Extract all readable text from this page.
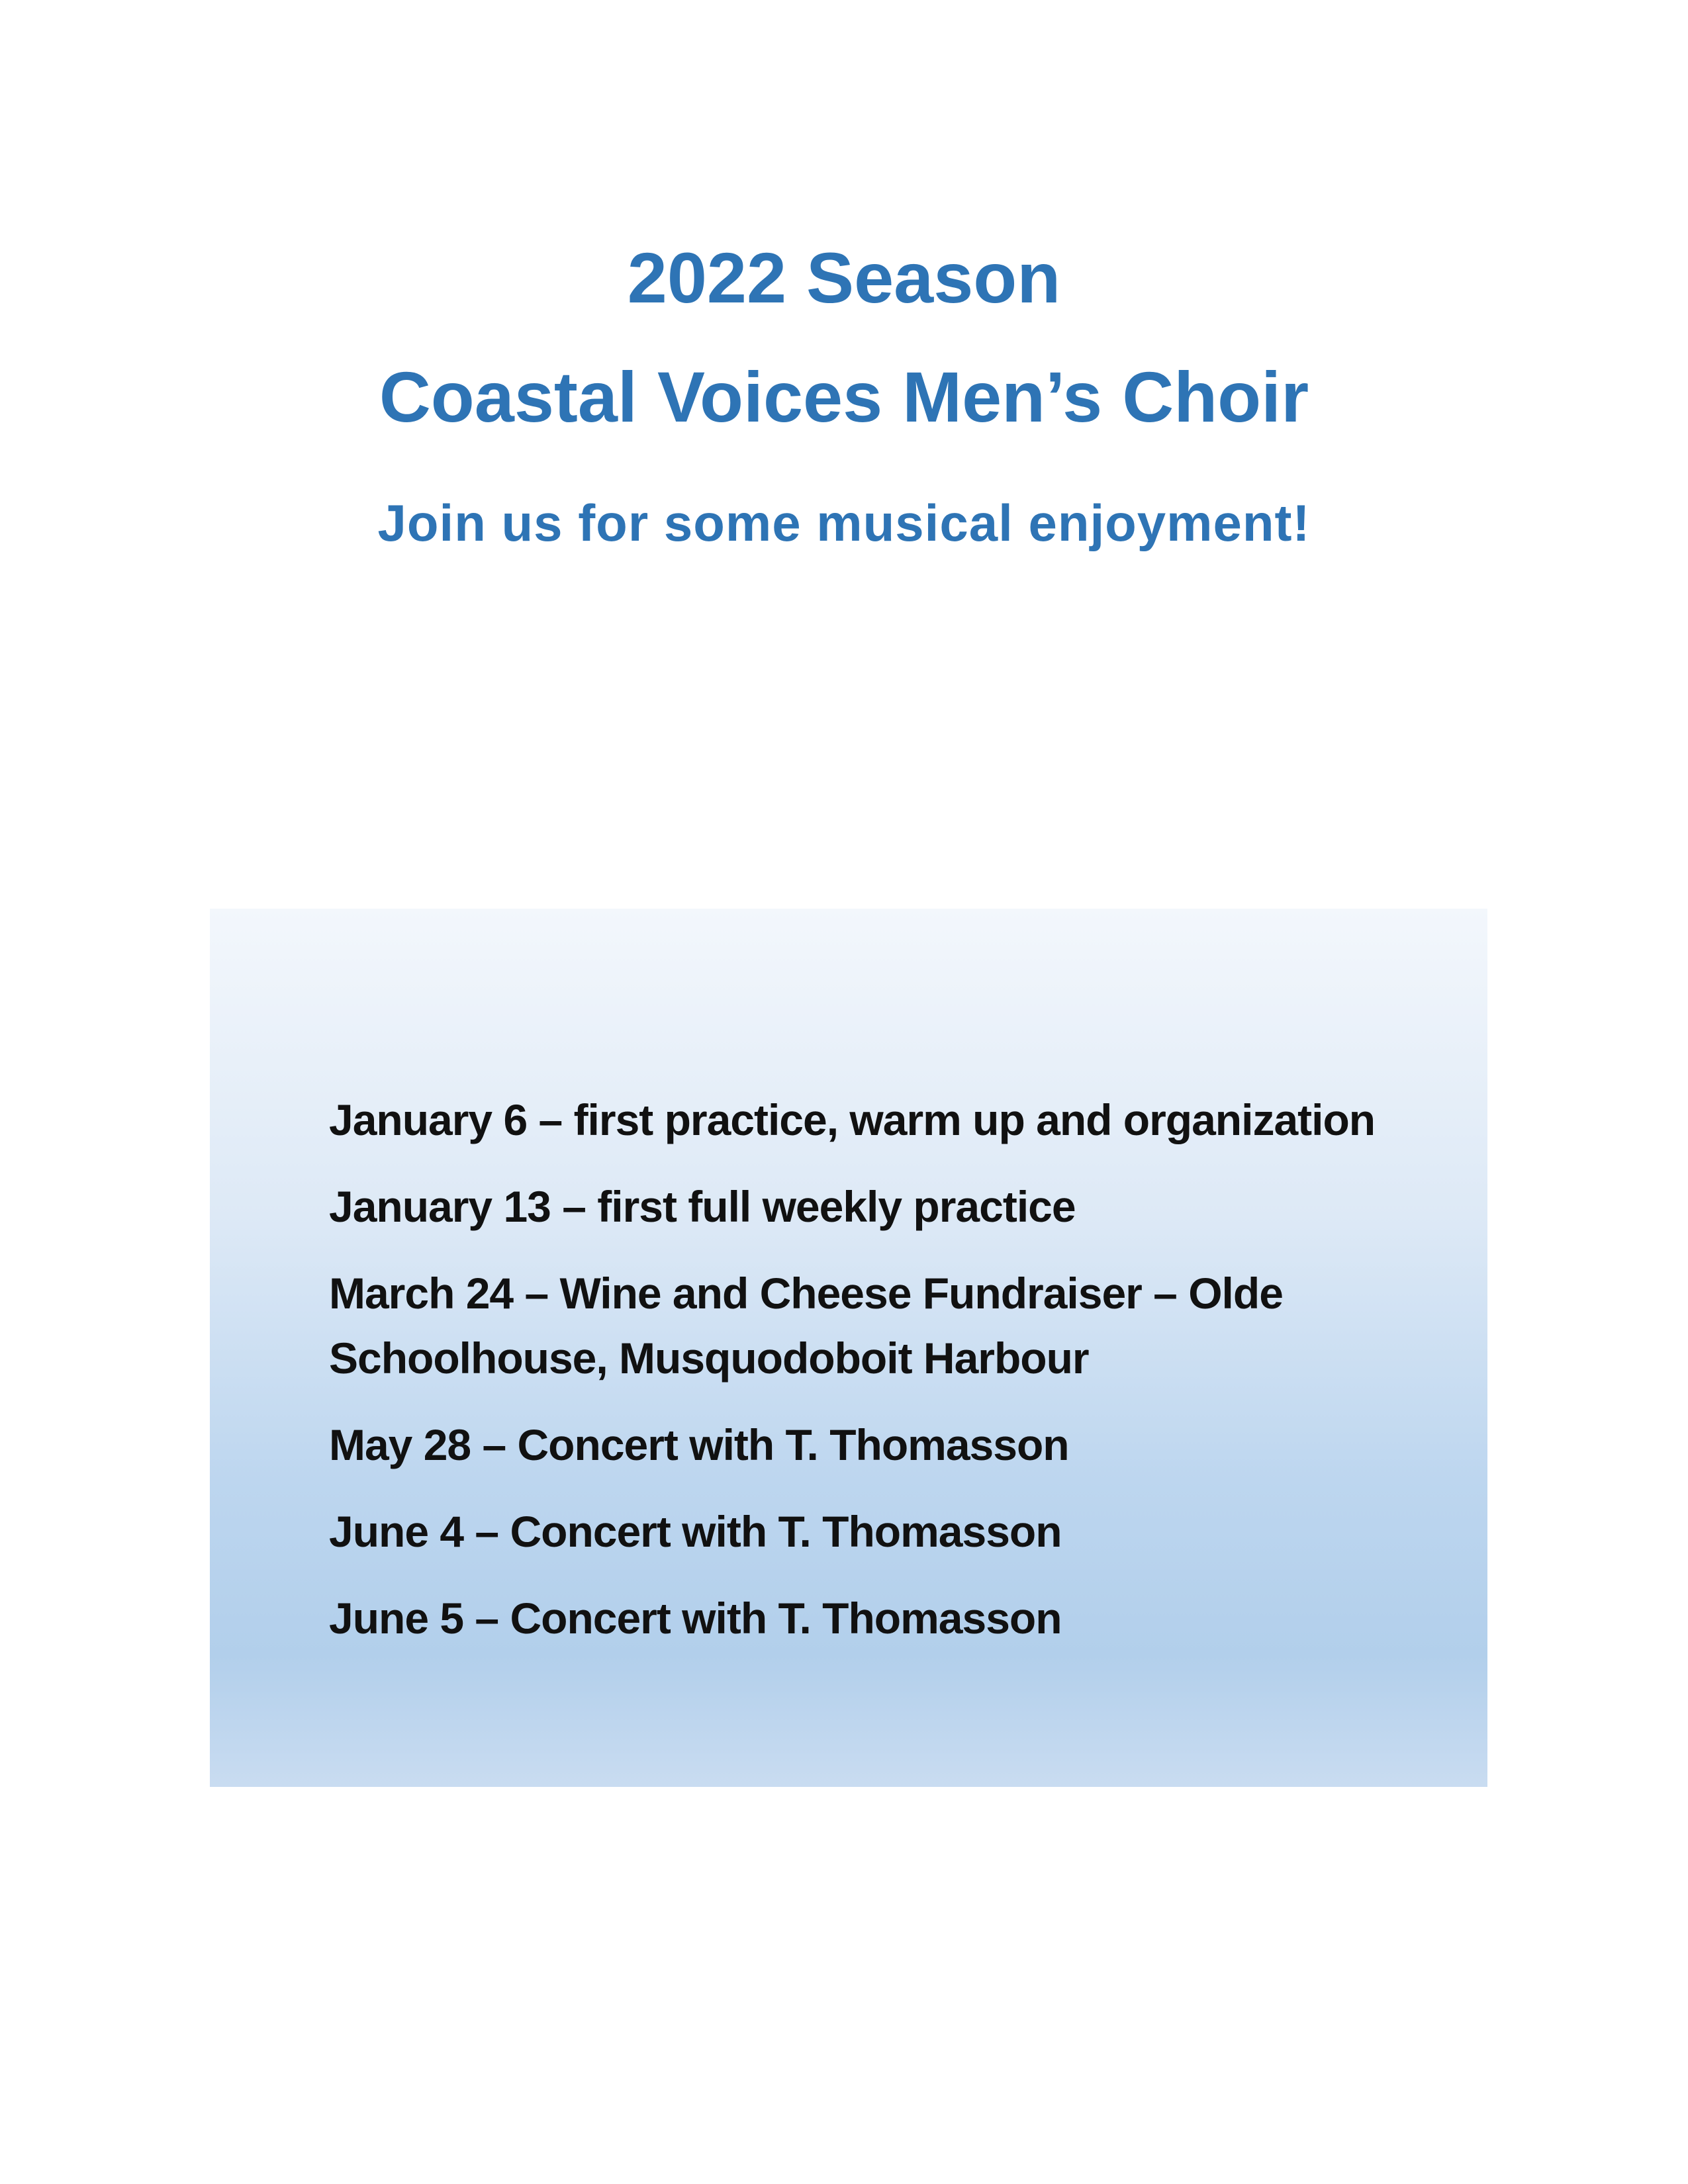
2022 Season
Coastal Voices Men’s Choir

Join us for some musical enjoyment!

January 6 – first practice, warm up and organization
January 13 – first full weekly practice
March 24 – Wine and Cheese Fundraiser – Olde Schoolhouse, Musquodoboit Harbour
May 28 – Concert with T. Thomasson
June 4 – Concert with T. Thomasson
June 5 – Concert with T. Thomasson
